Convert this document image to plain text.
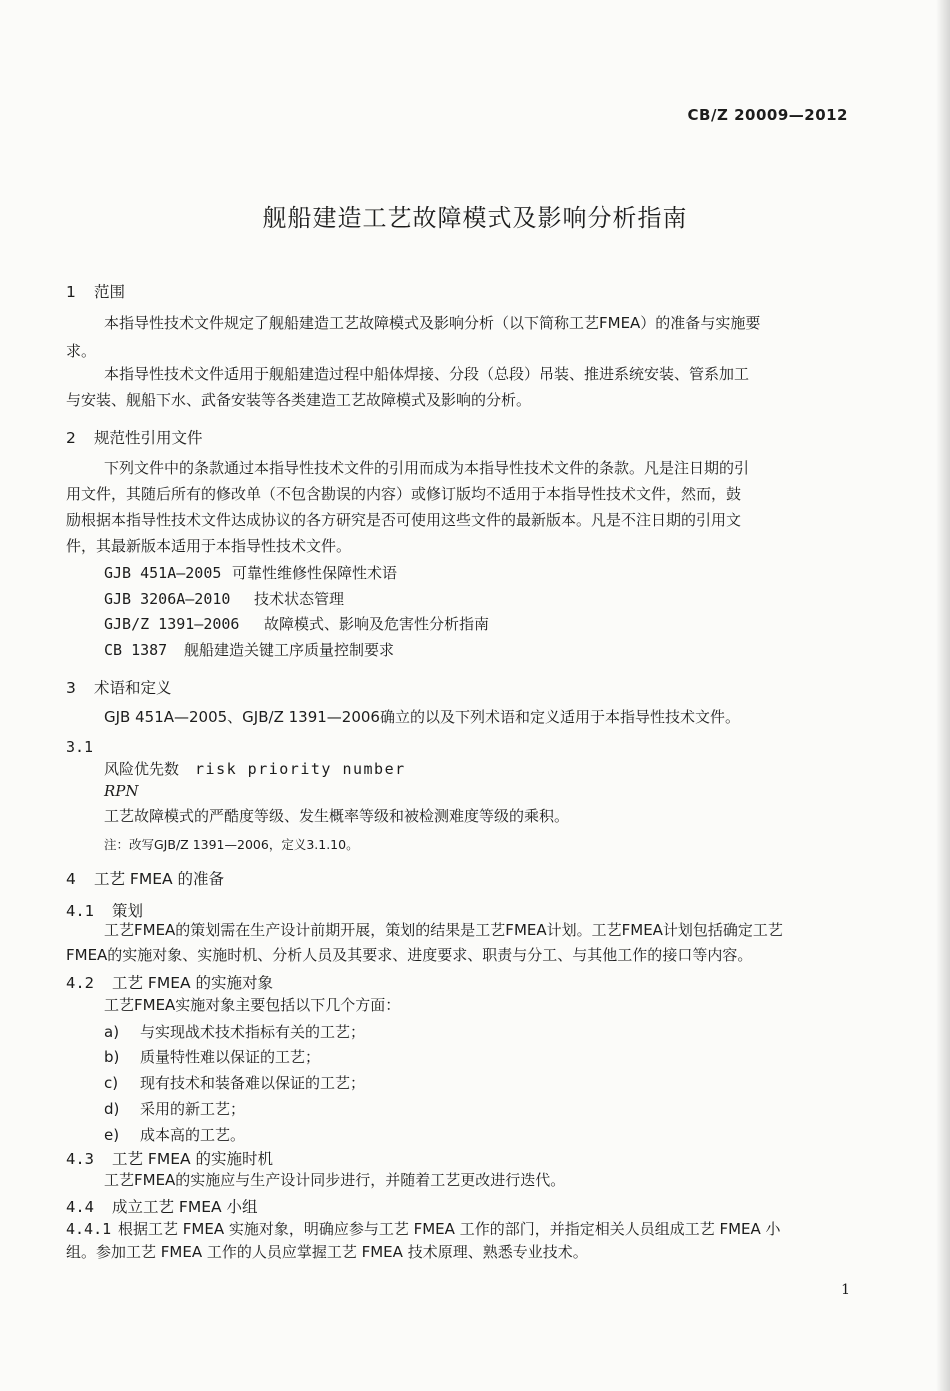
CB/Z 20009—2012
舰船建造工艺故障模式及影响分析指南
1 范围
本指导性技术文件规定了舰船建造工艺故障模式及影响分析（以下简称工艺FMEA）的准备与实施要
求。
本指导性技术文件适用于舰船建造过程中船体焊接、分段（总段）吊装、推进系统安装、管系加工
与安装、舰船下水、武备安装等各类建造工艺故障模式及影响的分析。
2 规范性引用文件
下列文件中的条款通过本指导性技术文件的引用而成为本指导性技术文件的条款。凡是注日期的引
用文件，其随后所有的修改单（不包含勘误的内容）或修订版均不适用于本指导性技术文件，然而，鼓
励根据本指导性技术文件达成协议的各方研究是否可使用这些文件的最新版本。凡是不注日期的引用文
件，其最新版本适用于本指导性技术文件。
GJB 451A—2005 可靠性维修性保障性术语
GJB 3206A—2010 技术状态管理
GJB/Z 1391—2006 故障模式、影响及危害性分析指南
CB 1387 舰船建造关键工序质量控制要求
3 术语和定义
GJB 451A—2005、GJB/Z 1391—2006确立的以及下列术语和定义适用于本指导性技术文件。
3.1
风险优先数 risk priority number
RPN
工艺故障模式的严酷度等级、发生概率等级和被检测难度等级的乘积。
注：改写GJB/Z 1391—2006，定义3.1.10。
4 工艺 FMEA 的准备
4.1 策划
工艺FMEA的策划需在生产设计前期开展，策划的结果是工艺FMEA计划。工艺FMEA计划包括确定工艺
FMEA的实施对象、实施时机、分析人员及其要求、进度要求、职责与分工、与其他工作的接口等内容。
4.2 工艺 FMEA 的实施对象
工艺FMEA实施对象主要包括以下几个方面：
a) 与实现战术技术指标有关的工艺；
b) 质量特性难以保证的工艺；
c) 现有技术和装备难以保证的工艺；
d) 采用的新工艺；
e) 成本高的工艺。
4.3 工艺 FMEA 的实施时机
工艺FMEA的实施应与生产设计同步进行，并随着工艺更改进行迭代。
4.4 成立工艺 FMEA 小组
4.4.1 根据工艺 FMEA 实施对象，明确应参与工艺 FMEA 工作的部门，并指定相关人员组成工艺 FMEA 小
组。参加工艺 FMEA 工作的人员应掌握工艺 FMEA 技术原理、熟悉专业技术。
1
